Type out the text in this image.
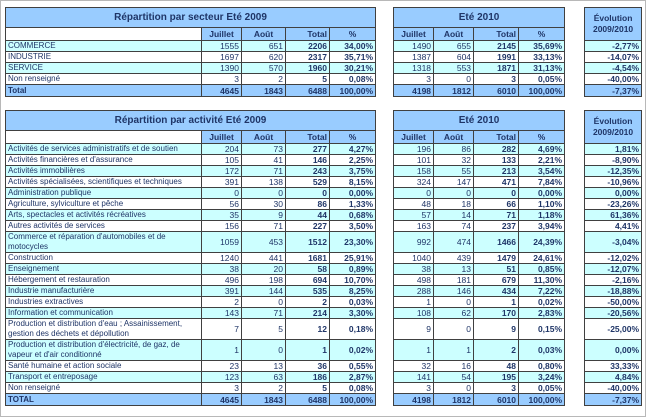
Répartition par secteur Eté 2009						Eté 2010					Évolution
2009/2010
	Juillet	Août	Total	%		Juillet	Août	Total	%		
COMMERCE	1555	651	2206	34,00%		1490	655	2145	35,69%		-2,77%
INDUSTRIE	1697	620	2317	35,71%		1387	604	1991	33,13%		-14,07%
SERVICE	1390	570	1960	30,21%		1318	553	1871	31,13%		-4,54%
Non renseigné	3	2	5	0,08%		3	0	3	0,05%		-40,00%
Total	4645	1843	6488	100,00%		4198	1812	6010	100,00%		-7,37%
Répartition par activité Eté 2009						Eté 2010					Évolution
2009/2010
	Juillet	Août	Total	%		Juillet	Août	Total	%		
Activités de services administratifs et de soutien	204	73	277	4,27%		196	86	282	4,69%		1,81%
Activités financières et d'assurance	105	41	146	2,25%		101	32	133	2,21%		-8,90%
Activités immobilières	172	71	243	3,75%		158	55	213	3,54%		-12,35%
Activités spécialisées, scientifiques et techniques	391	138	529	8,15%		324	147	471	7,84%		-10,96%
Administration publique	0	0	0	0,00%		0	0	0	0,00%		0,00%
Agriculture, sylviculture et pêche	56	30	86	1,33%		48	18	66	1,10%		-23,26%
Arts, spectacles et activités récréatives	35	9	44	0,68%		57	14	71	1,18%		61,36%
Autres activités de services	156	71	227	3,50%		163	74	237	3,94%		4,41%
Commerce et réparation d'automobiles et de motocycles	1059	453	1512	23,30%		992	474	1466	24,39%		-3,04%
Construction	1240	441	1681	25,91%		1040	439	1479	24,61%		-12,02%
Enseignement	38	20	58	0,89%		38	13	51	0,85%		-12,07%
Hébergement et restauration	496	198	694	10,70%		498	181	679	11,30%		-2,16%
Industrie manufacturière	391	144	535	8,25%		288	146	434	7,22%		-18,88%
Industries extractives	2	0	2	0,03%		1	0	1	0,02%		-50,00%
Information et communication	143	71	214	3,30%		108	62	170	2,83%		-20,56%
Production et distribution d'eau ; Assainissement, gestion des déchets et dépollution	7	5	12	0,18%		9	0	9	0,15%		-25,00%
Production et distribution d'électricité, de gaz, de vapeur et d'air conditionné	1	0	1	0,02%		1	1	2	0,03%		0,00%
Santé humaine et action sociale	23	13	36	0,55%		32	16	48	0,80%		33,33%
Transport et entreposage	123	63	186	2,87%		141	54	195	3,24%		4,84%
Non renseigné	3	2	5	0,08%		3	0	3	0,05%		-40,00%
TOTAL	4645	1843	6488	100,00%		4198	1812	6010	100,00%		-7,37%
